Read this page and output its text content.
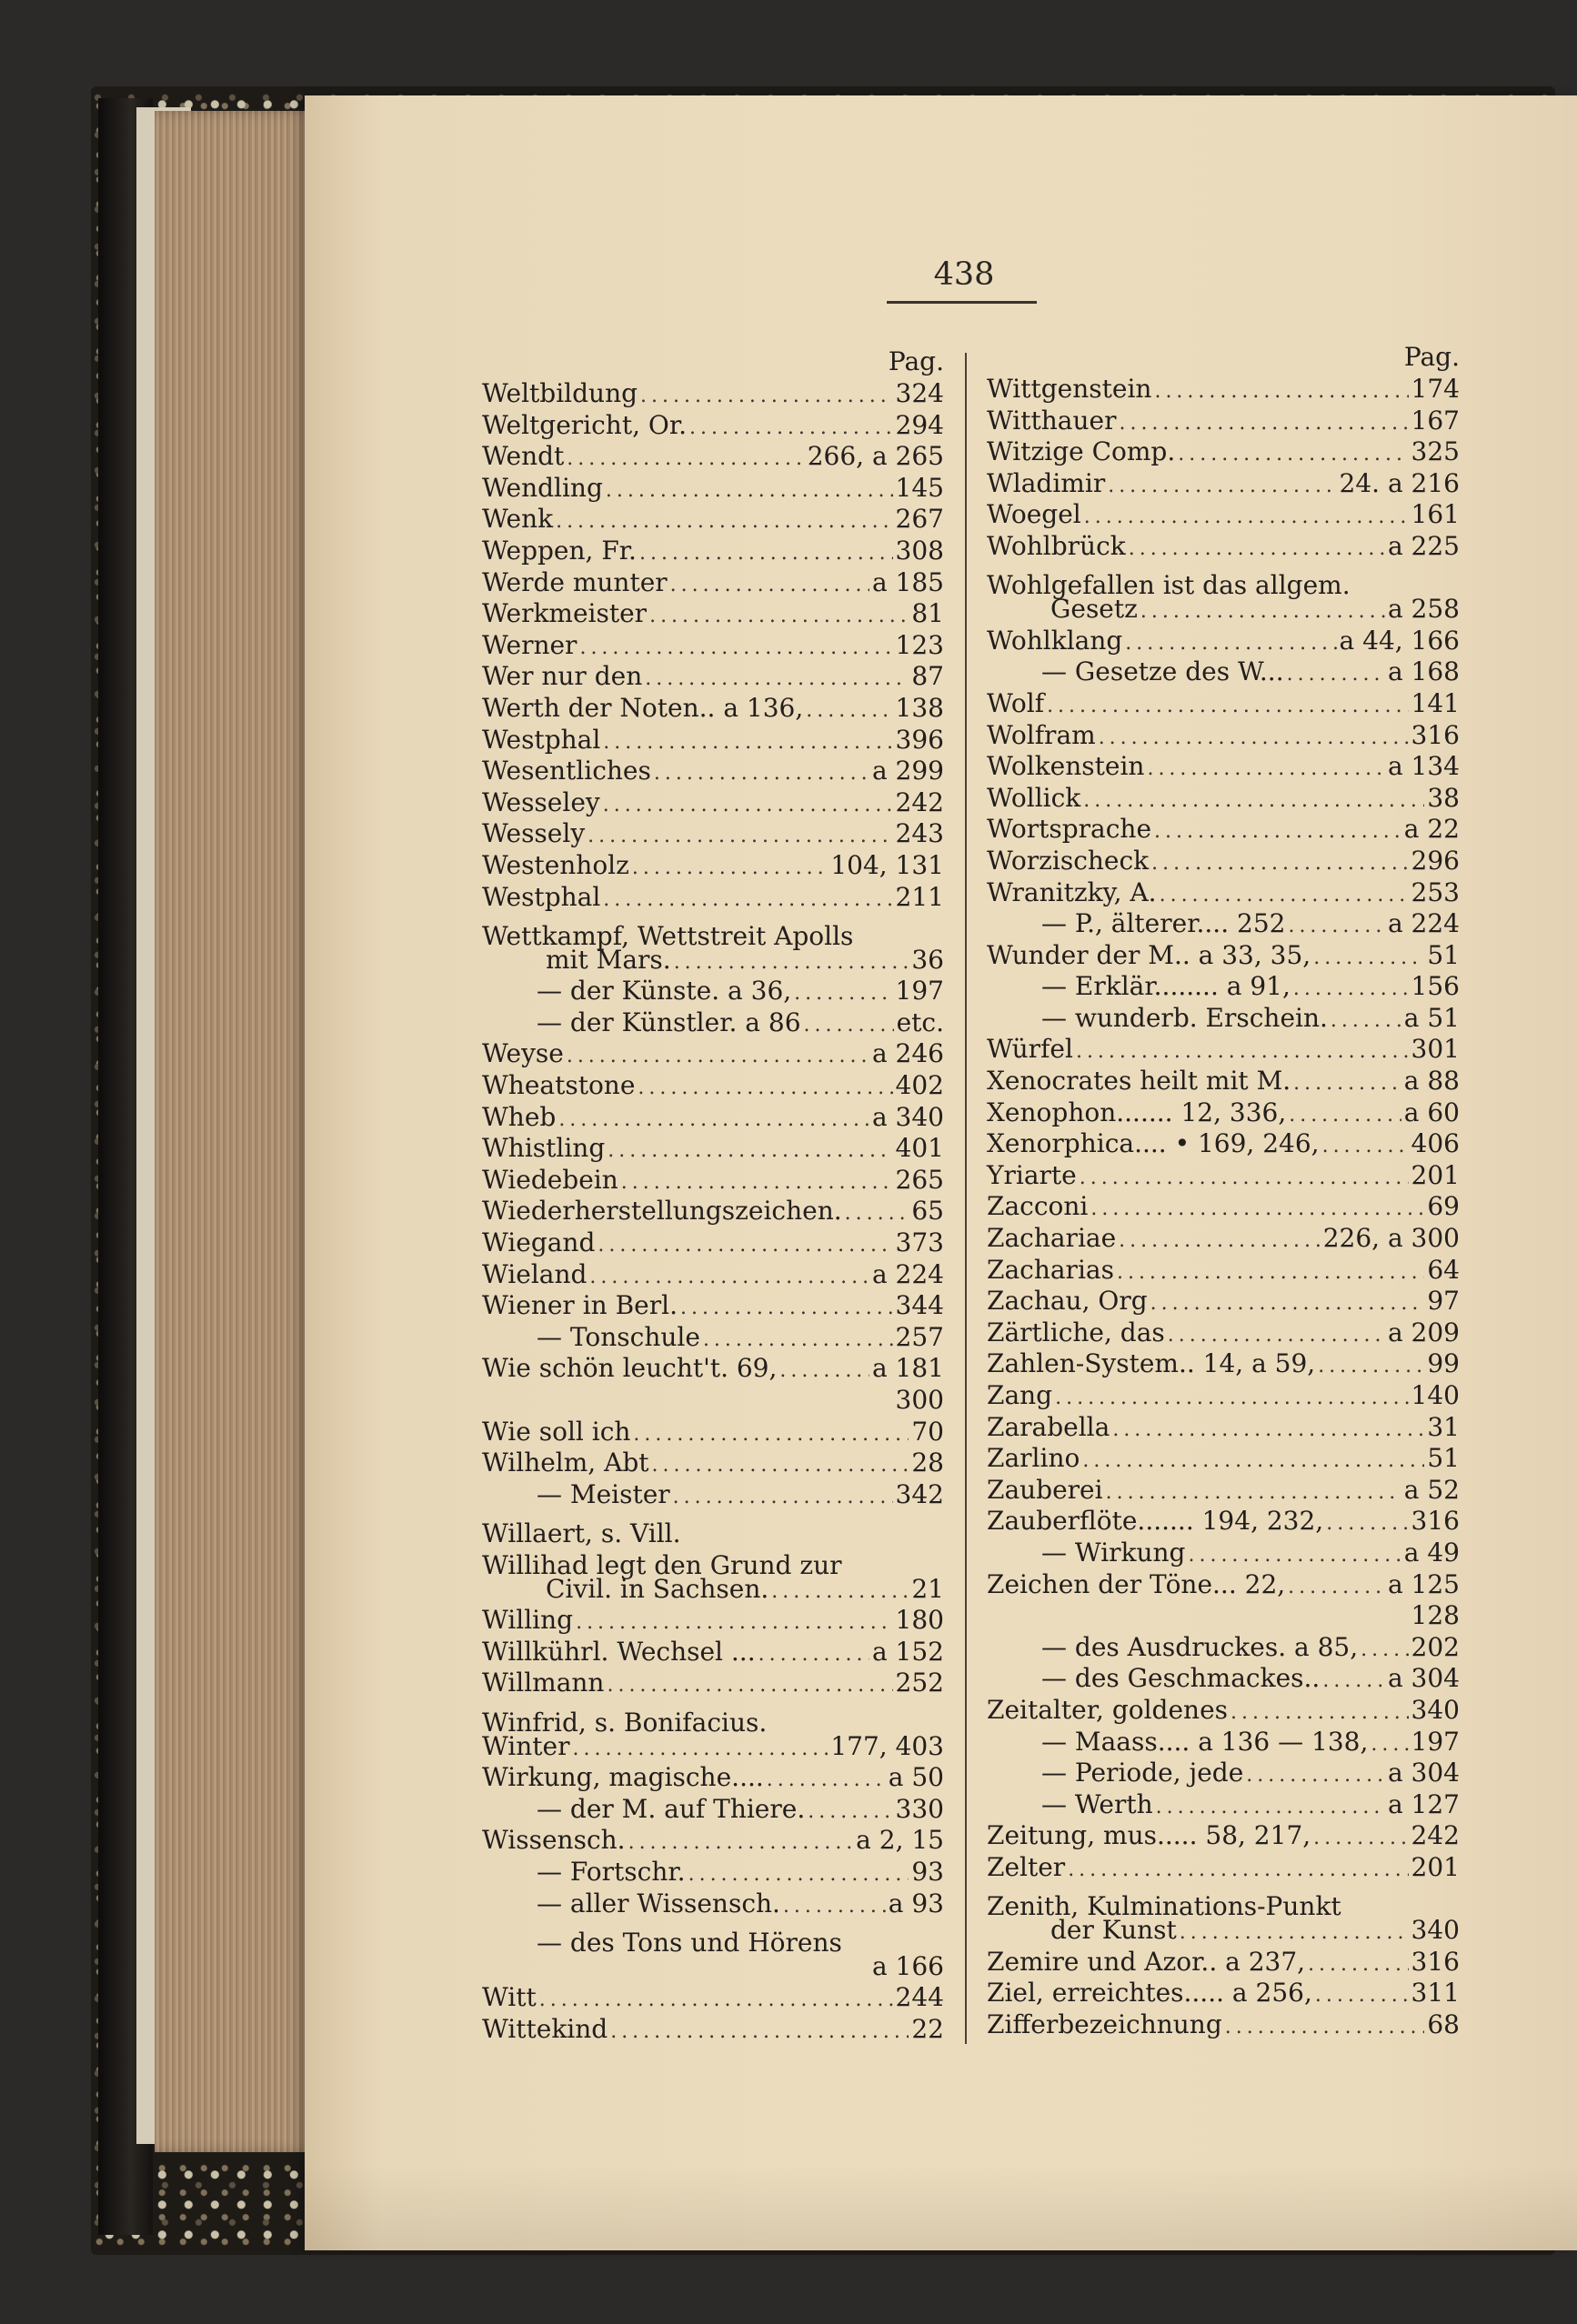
438
Pag.
Weltbildung . . .	324
Weltgericht, Or. . . .	294
Wendt . . .	266, a 265
Wendling . . .	145
Wenk . . .	267
Weppen, Fr. . . .	308
Werde munter . . .	a 185
Werkmeister . . .	81
Werner . . .	123
Wer nur den . . .	87
Werth der Noten.. a 136, . . .	138
Westphal . . .	396
Wesentliches . . .	a 299
Wesseley . . .	242
Wessely . . .	243
Westenholz . . .	104, 131
Westphal . . .	211
Wettkampf, Wettstreit Apolls
mit Mars. . . .	36
— der Künste. a 36, . . .	197
— der Künstler. a 86 . . .	etc.
Weyse . . .	a 246
Wheatstone . . .	402
Wheb . . .	a 340
Whistling . . .	401
Wiedebein . . .	265
Wiederherstellungszeichen. . . .	65
Wiegand . . .	373
Wieland . . .	a 224
Wiener in Berl. . . .	344
— Tonschule . . .	257
Wie schön leucht't. 69, . . .	a 181
300
Wie soll ich . . .	70
Wilhelm, Abt . . .	28
— Meister . . .	342
Willaert, s. Vill.
Willihad legt den Grund zur
Civil. in Sachsen. . . .	21
Willing . . .	180
Willkührl. Wechsel ... . . .	a 152
Willmann . . .	252
Winfrid, s. Bonifacius.
Winter . . .	177, 403
Wirkung, magische.... . . .	a 50
— der M. auf Thiere. . . .	330
Wissensch. . . .	a 2, 15
— Fortschr. . . .	93
— aller Wissensch. . . .	a 93
— des Tons und Hörens
a 166
Witt . . .	244
Wittekind . . .	22
Pag.
Wittgenstein . . .	174
Witthauer . . .	167
Witzige Comp. . . .	325
Wladimir . . .	24. a 216
Woegel . . .	161
Wohlbrück . . .	a 225
Wohlgefallen ist das allgem.
Gesetz . . .	a 258
Wohlklang . . .	a 44, 166
— Gesetze des W... . . .	a 168
Wolf . . .	141
Wolfram . . .	316
Wolkenstein . . .	a 134
Wollick . . .	38
Wortsprache . . .	a 22
Worzischeck . . .	296
Wranitzky, A. . . .	253
— P., älterer.... 252 . . .	a 224
Wunder der M.. a 33, 35, . . .	51
— Erklär........ a 91, . . .	156
— wunderb. Erschein. . . .	a 51
Würfel . . .	301
Xenocrates heilt mit M. . . .	a 88
Xenophon....... 12, 336, . . .	a 60
Xenorphica.... • 169, 246, . . .	406
Yriarte . . .	201
Zacconi . . .	69
Zachariae . . .	226, a 300
Zacharias . . .	64
Zachau, Org . . .	97
Zärtliche, das . . .	a 209
Zahlen-System.. 14, a 59, . . .	99
Zang . . .	140
Zarabella . . .	31
Zarlino . . .	51
Zauberei . . .	a 52
Zauberflöte....... 194, 232, . . .	316
— Wirkung . . .	a 49
Zeichen der Töne... 22, . . .	a 125
128
— des Ausdruckes. a 85, . . . 202
— des Geschmackes.. . . .	a 304
Zeitalter, goldenes . . .	340
— Maass.... a 136 — 138, . . . 197
— Periode, jede . . .	a 304
— Werth . . .	a 127
Zeitung, mus..... 58, 217, . . .	242
Zelter . . .	201
Zenith, Kulminations-Punkt
der Kunst . . .	340
Zemire und Azor.. a 237, . . .	316
Ziel, erreichtes..... a 256, . . .	311
Zifferbezeichnung . . .	68
